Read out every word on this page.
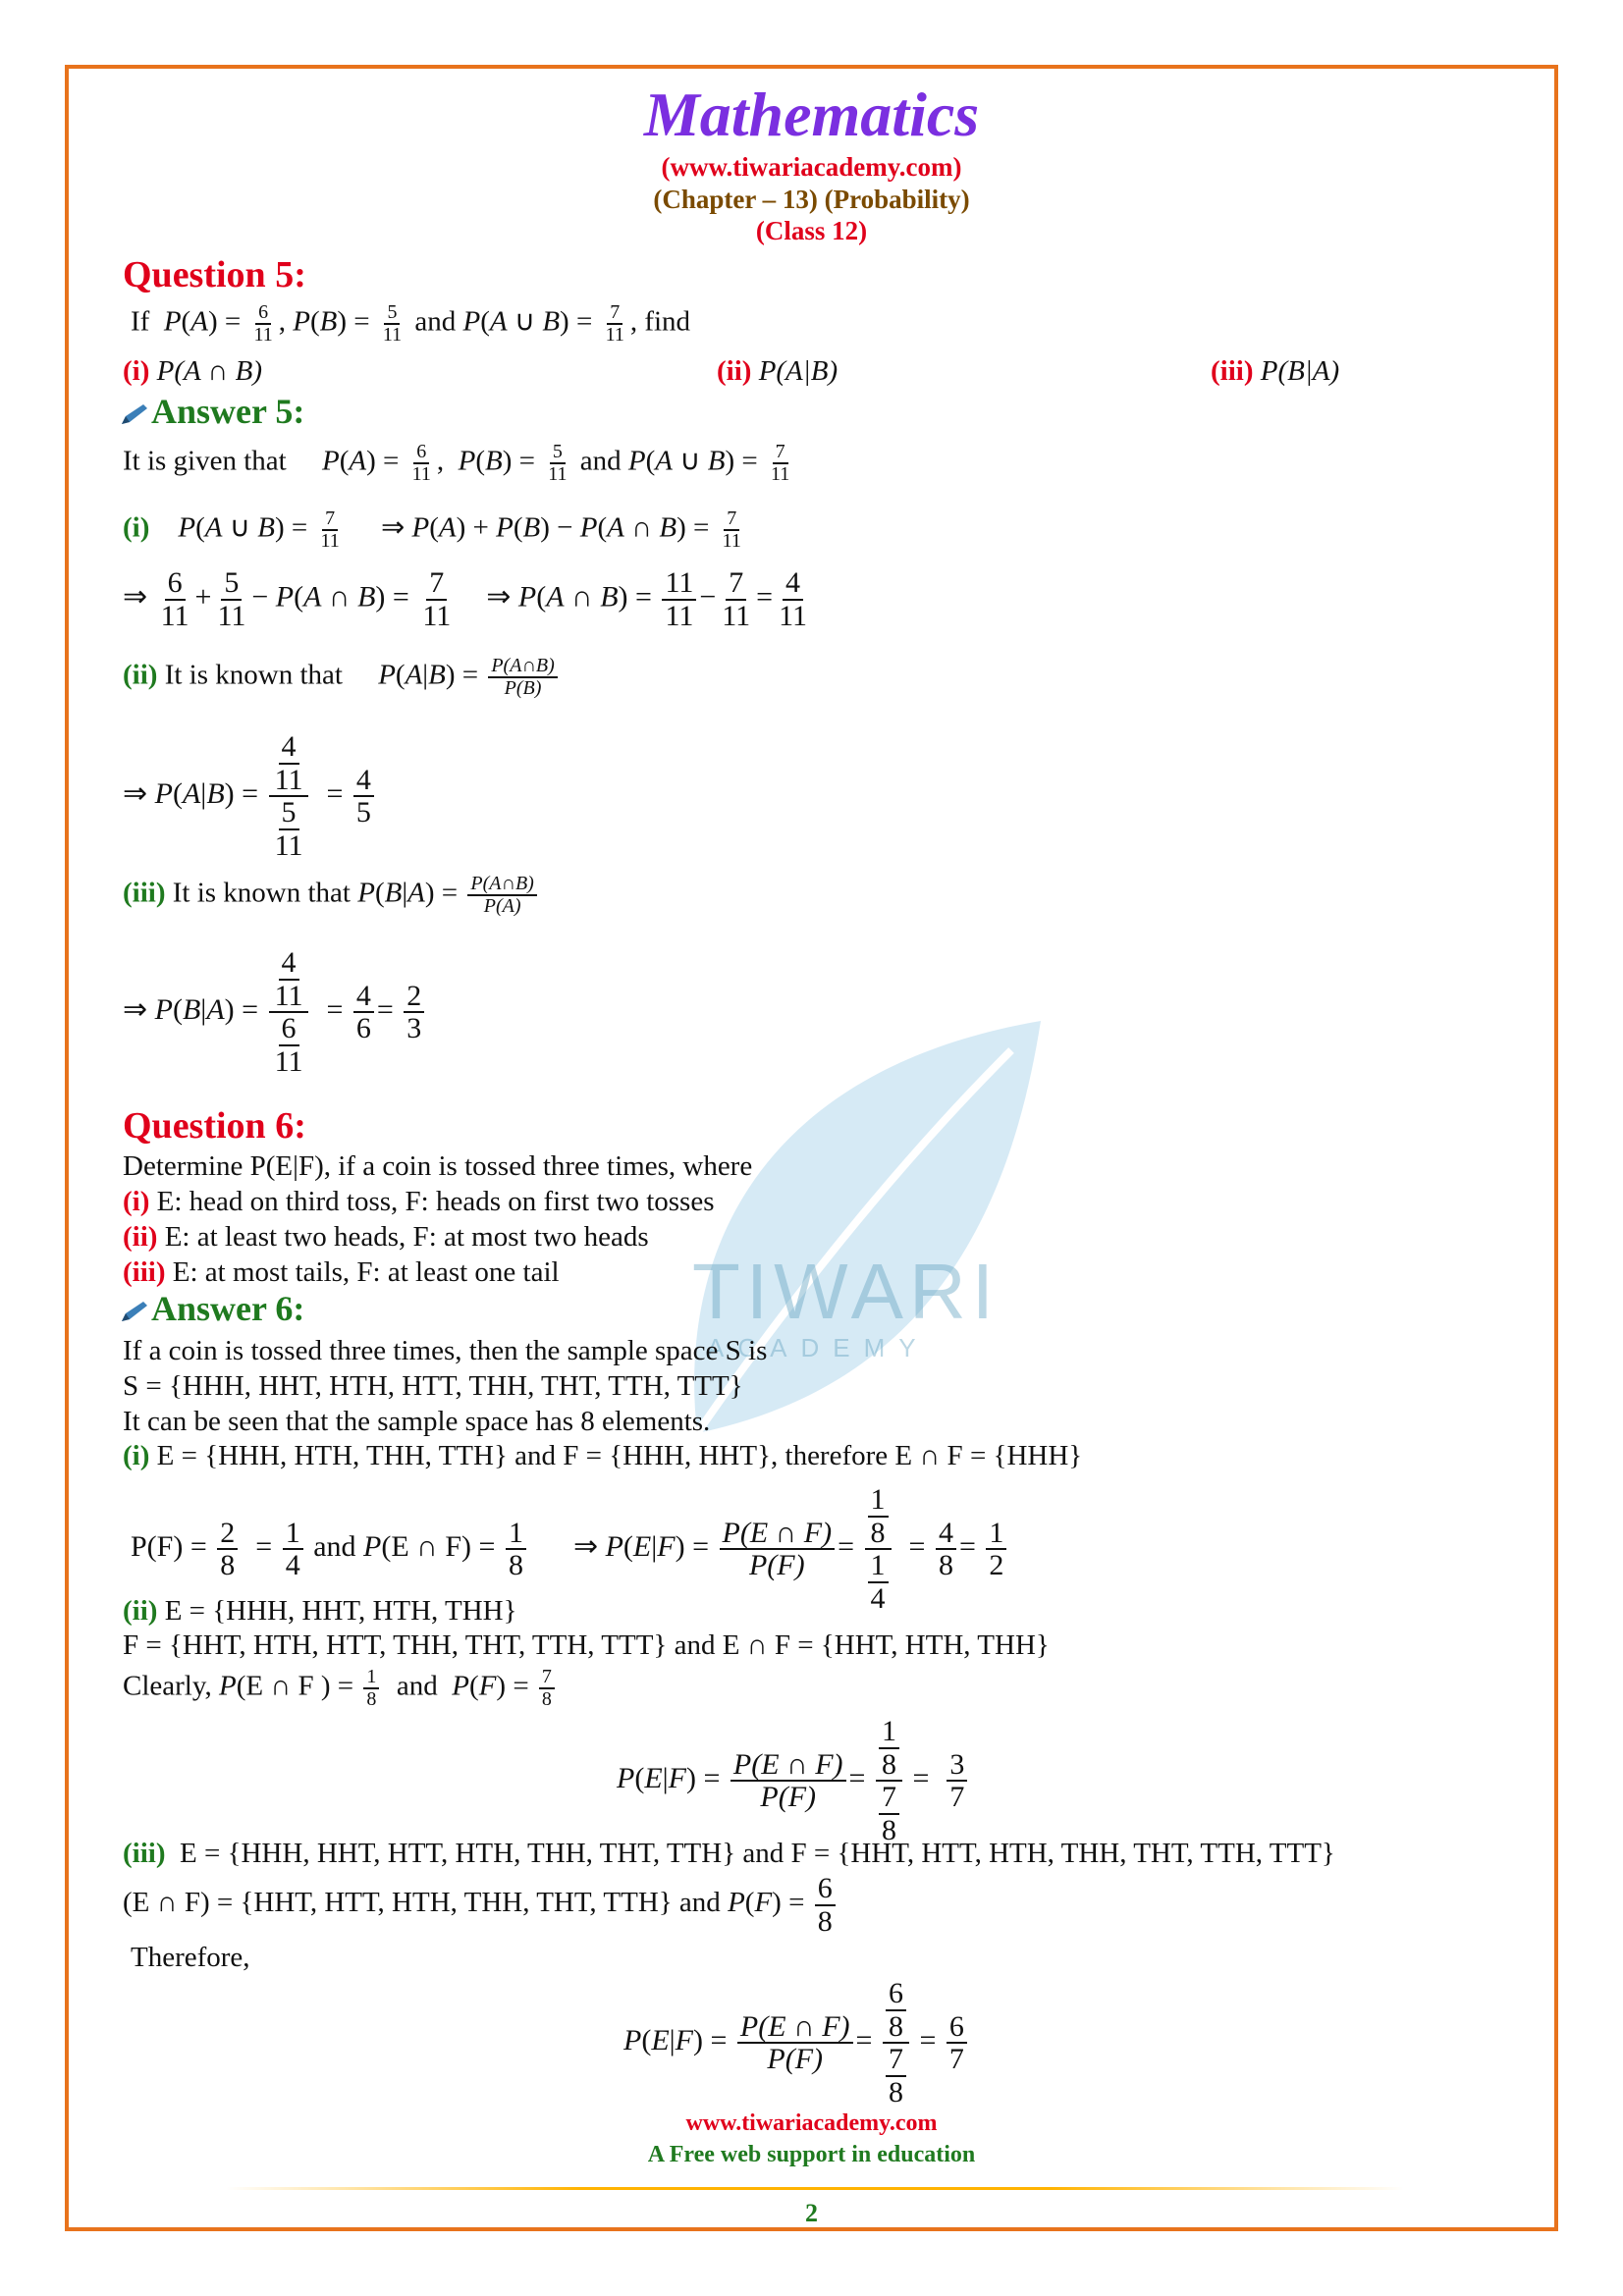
TIWARI
ACADEMY
Mathematics
(www.tiwariacademy.com)
(Chapter – 13) (Probability)
(Class 12)
Question 5:
If $P(A) = \frac{6}{11}$ , $P(B) = \frac{5}{11}$ and P(A ∪ $B) = \frac{7}{11}$ , find
(i) P(A ∩ B)	(ii) P(A|B)	(iii) P(B|A)
Answer 5:
It is given that $P(A) = \frac{6}{11}$ ,  $P(B) = \frac{5}{11}$ and P(A ∪ $B) = \frac{7}{11}$
(i) P(A ∪ $B) = \frac{7}{11}$ ⇒ P(A) + P(B) − P(A ∩ $B) = \frac{7}{11}$
⇒ $\frac{6}{11} + \frac{5}{11} - P(A$ ∩ $B) = \frac{7}{11}$ ⇒ P(A ∩ $B) = \frac{11}{11} - \frac{7}{11} = \frac{4}{11}$
(ii) It is known that $P(A|B) = \frac{P(A\cap B)}{P(B)}$
⇒ $P(A|B) = \frac{\frac{4}{11}}{\frac{5}{11}} = \frac{4}{5}$
(iii) It is known that $P(B|A) = \frac{P(A\cap B)}{P(A)}$
⇒ $P(B|A) = \frac{\frac{4}{11}}{\frac{6}{11}} = \frac{4}{6} = \frac{2}{3}$
Question 6:
Determine P(E|F), if a coin is tossed three times, where
(i) E: head on third toss, F: heads on first two tosses
(ii) E: at least two heads, F: at most two heads
(iii) E: at most tails, F: at least one tail
Answer 6:
If a coin is tossed three times, then the sample space S is
S = {HHH, HHT, HTH, HTT, THH, THT, TTH, TTT}
It can be seen that the sample space has 8 elements.
(i) E = {HHH, HTH, THH, TTH} and F = {HHH, HHT}, therefore E ∩ F = {HHH}
$P(F) = \frac{2}{8} = \frac{1}{4}$ and P(E ∩ $F) = \frac{1}{8}$ ⇒ $P(E|F) = \frac{P(E \cap F)}{P(F)} = \frac{\frac{1}{8}}{\frac{1}{4}} = \frac{4}{8} = \frac{1}{2}$
(ii) E = {HHH, HHT, HTH, THH}
F = {HHT, HTH, HTT, THH, THT, TTH, TTT} and E ∩ F = {HHT, HTH, THH}
Clearly, P(E ∩ F ) = $\frac{1}{8}$ and  $P(F) = \frac{7}{8}$
$P(E|F) = \frac{P(E \cap F)}{P(F)} = \frac{\frac{1}{8}}{\frac{7}{8}} = \frac{3}{7}$
(iii) E = {HHH, HHT, HTT, HTH, THH, THT, TTH} and F = {HHT, HTT, HTH, THH, THT, TTH, TTT}
(E ∩ F) = {HHT, HTT, HTH, THH, THT, TTH} and $P(F) = \frac{6}{8}$
Therefore,
$P(E|F) = \frac{P(E \cap F)}{P(F)} = \frac{\frac{6}{8}}{\frac{7}{8}} = \frac{6}{7}$
www.tiwariacademy.com
A Free web support in education
2
